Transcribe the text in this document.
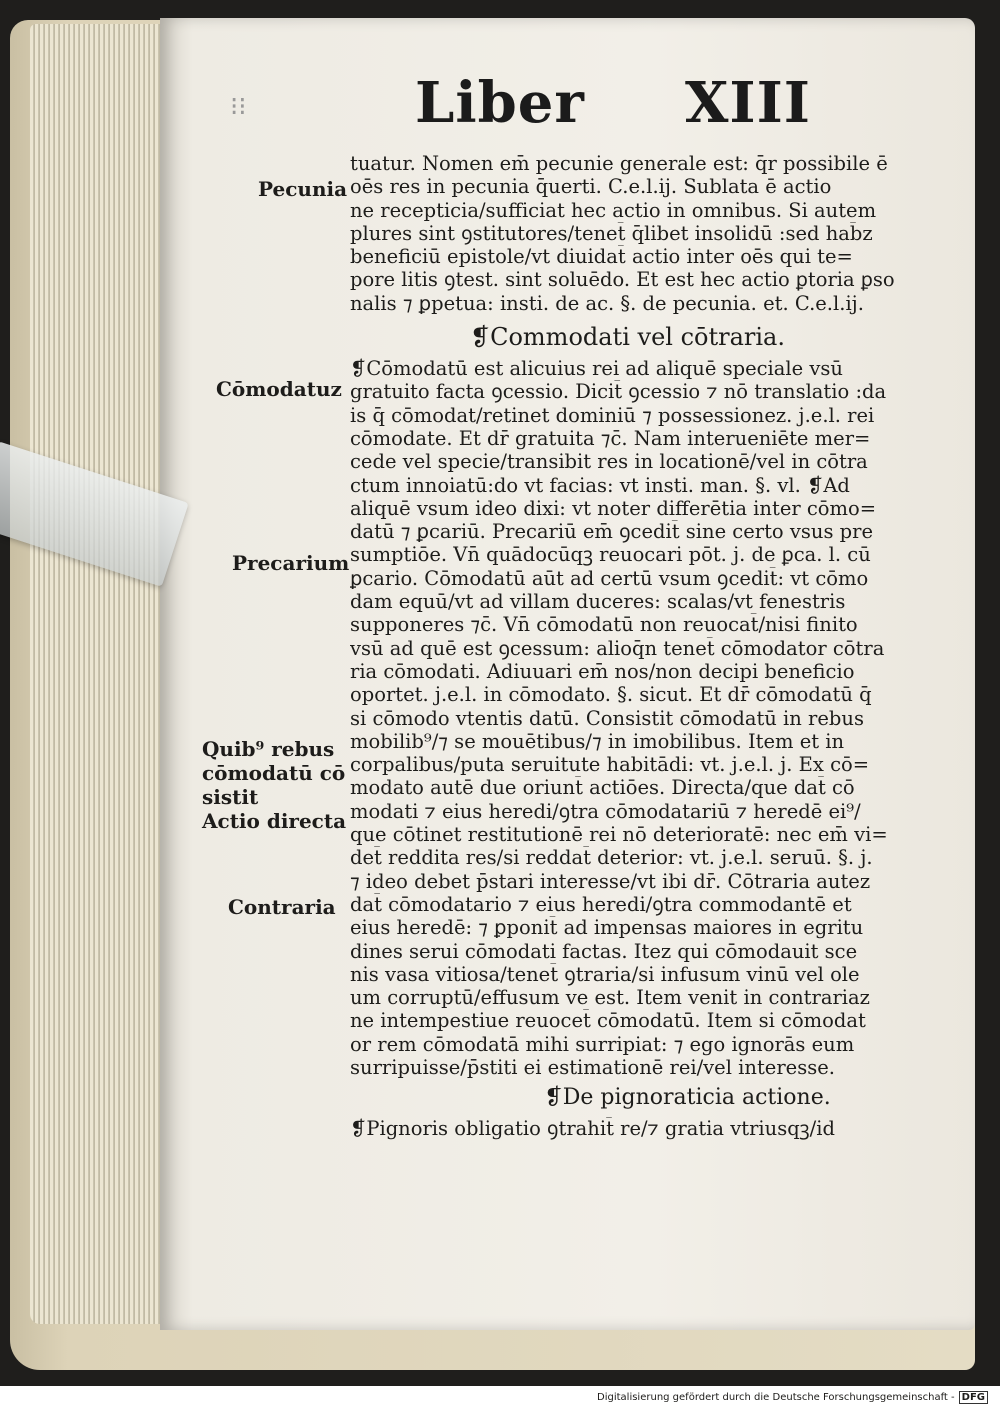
⁝⁝	Liber XIII
Pecunia
Cōmodatuz
Precarium
Quib⁹ rebus
cōmodatū cō
sistit
Actio directa
Contraria

tuatur. Nomen em̄ pecunie generale est: q̄r possibile ē

oēs res in pecunia q̄uerti. C.e.l.ij. Sublata ē actio

ne recepticia/sufficiat hec actio in omnibus. Si autem

plures sint ꝯstitutores/tenet̄ q̄libet insolidū :sed hab̄z

beneficiū epistole/vt diuidat̄ actio inter oēs qui te=

pore litis ꝯtest. sint soluēdo. Et est hec actio ꝑtoria ꝑso

nalis ⁊ ꝑpetua: insti. de ac. §. de pecunia. et. C.e.l.ij.

❡Commodati vel cōtraria.

❡Cōmodatū est alicuius rei ad aliquē speciale vsū

gratuito facta ꝯcessio. Dicit̄ ꝯcessio ⁊ nō translatio :da

is q̄ cōmodat/retinet dominiū ⁊ possessionez. j.e.l. rei

cōmodate. Et dr̄ gratuita ⁊c̄. Nam interueniēte mer=

cede vel specie/transibit res in locationē/vel in cōtra

ctum innoiatū:do vt facias: vt insti. man. §. vl. ❡Ad

aliquē vsum ideo dixi: vt noter differētia inter cōmo=

datū ⁊ ꝑcariū. Precariū em̄ ꝯcedit̄ sine certo vsus pre

sumptiōe. Vn̄ quādocūqꝫ reuocari pōt. j. de ꝑca. l. cū

ꝑcario. Cōmodatū aūt ad certū vsum ꝯcedit̄: vt cōmo

dam equū/vt ad villam duceres: scalas/vt fenestris

supponeres ⁊c̄. Vn̄ cōmodatū non reuocat̄/nisi finito

vsū ad quē est ꝯcessum: alioq̄n tenet̄ cōmodator cōtra

ria cōmodati. Adiuuari em̄ nos/non decipi beneficio

oportet. j.e.l. in cōmodato. §. sicut. Et dr̄ cōmodatū q̄

si cōmodo vtentis datū. Consistit cōmodatū in rebus

mobilib⁹/⁊ se mouētibus/⁊ in imobilibus. Item et in

corpalibus/puta seruitute habitādi: vt. j.e.l. j. Ex cō=

modato autē due oriunt̄ actiōes. Directa/que dat̄ cō

modati ⁊ eius heredi/ꝯtra cōmodatariū ⁊ heredē ei⁹/

que cōtinet restitutionē rei nō deterioratē: nec em̄ vi=

det̄ reddita res/si reddat̄ deterior: vt. j.e.l. seruū. §. j.

⁊ ideo debet p̄stari interesse/vt ibi dr̄. Cōtraria autez

dat̄ cōmodatario ⁊ eius heredi/ꝯtra commodantē et

eius heredē: ⁊ ꝑponit̄ ad impensas maiores in egritu

dines serui cōmodati factas. Itez qui cōmodauit sce

nis vasa vitiosa/tenet̄ ꝯtraria/si infusum vinū vel ole

um corruptū/effusum ve est. Item venit in contrariaz

ne intempestiue reuocet̄ cōmodatū. Item si cōmodat

or rem cōmodatā mihi surripiat: ⁊ ego ignorās eum

surripuisse/p̄stiti ei estimationē rei/vel interesse.

❡De pignoraticia actione.

❡Pignoris obligatio ꝯtrahit̄ re/⁊ gratia vtriusqꝫ/id

Digitalisierung gefördert durch die Deutsche Forschungsgemeinschaft - DFG
